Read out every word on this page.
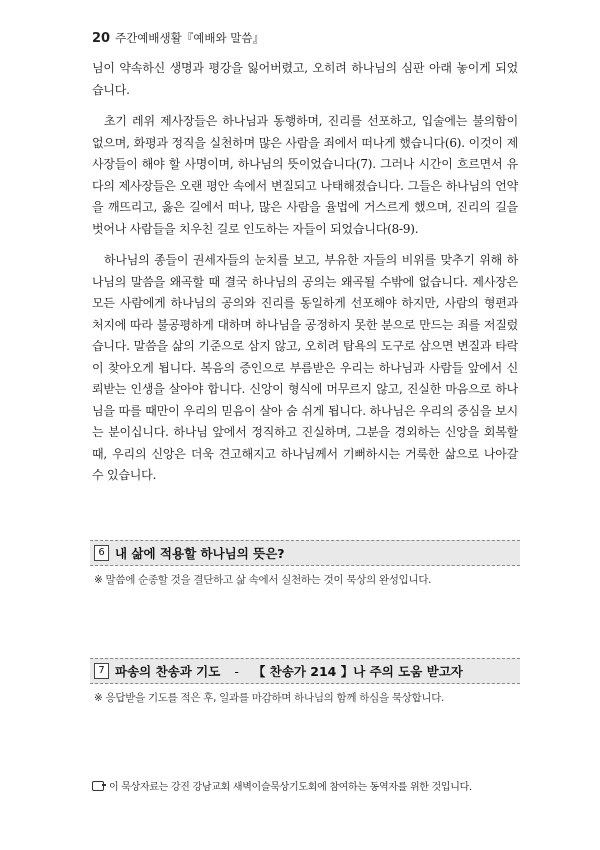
20 주간예배생활『예배와 말씀』

님이 약속하신 생명과 평강을 잃어버렸고, 오히려 하나님의 심판 아래 놓이게 되었습니다.

초기 레위 제사장들은 하나님과 동행하며, 진리를 선포하고, 입술에는 불의함이 없으며, 화평과 정직을 실천하며 많은 사람을 죄에서 떠나게 했습니다(6). 이것이 제사장들이 해야 할 사명이며, 하나님의 뜻이었습니다(7). 그러나 시간이 흐르면서 유다의 제사장들은 오랜 평안 속에서 변질되고 나태해졌습니다. 그들은 하나님의 언약을 깨뜨리고, 옳은 길에서 떠나, 많은 사람을 율법에 거스르게 했으며, 진리의 길을 벗어나 사람들을 치우친 길로 인도하는 자들이 되었습니다(8-9).

하나님의 종들이 권세자들의 눈치를 보고, 부유한 자들의 비위를 맞추기 위해 하나님의 말씀을 왜곡할 때 결국 하나님의 공의는 왜곡될 수밖에 없습니다. 제사장은 모든 사람에게 하나님의 공의와 진리를 동일하게 선포해야 하지만, 사람의 형편과 처지에 따라 불공평하게 대하며 하나님을 공정하지 못한 분으로 만드는 죄를 저질렀습니다. 말씀을 삶의 기준으로 삼지 않고, 오히려 탐욕의 도구로 삼으면 변질과 타락이 찾아오게 됩니다. 복음의 증인으로 부름받은 우리는 하나님과 사람들 앞에서 신뢰받는 인생을 살아야 합니다. 신앙이 형식에 머무르지 않고, 진실한 마음으로 하나님을 따를 때만이 우리의 믿음이 살아 숨 쉬게 됩니다. 하나님은 우리의 중심을 보시는 분이십니다. 하나님 앞에서 정직하고 진실하며, 그분을 경외하는 신앙을 회복할 때, 우리의 신앙은 더욱 견고해지고 하나님께서 기뻐하시는 거룩한 삶으로 나아갈 수 있습니다.

6 내 삶에 적용할 하나님의 뜻은?
※ 말씀에 순종할 것을 결단하고 삶 속에서 실천하는 것이 묵상의 완성입니다.
7 파송의 찬송과 기도 - 【 찬송가 214 】나 주의 도움 받고자
※ 응답받을 기도를 적은 후, 일과를 마감하며 하나님의 함께 하심을 묵상합니다.
이 묵상자료는 강진 강남교회 새벽이슬묵상기도회에 참여하는 동역자를 위한 것입니다.
